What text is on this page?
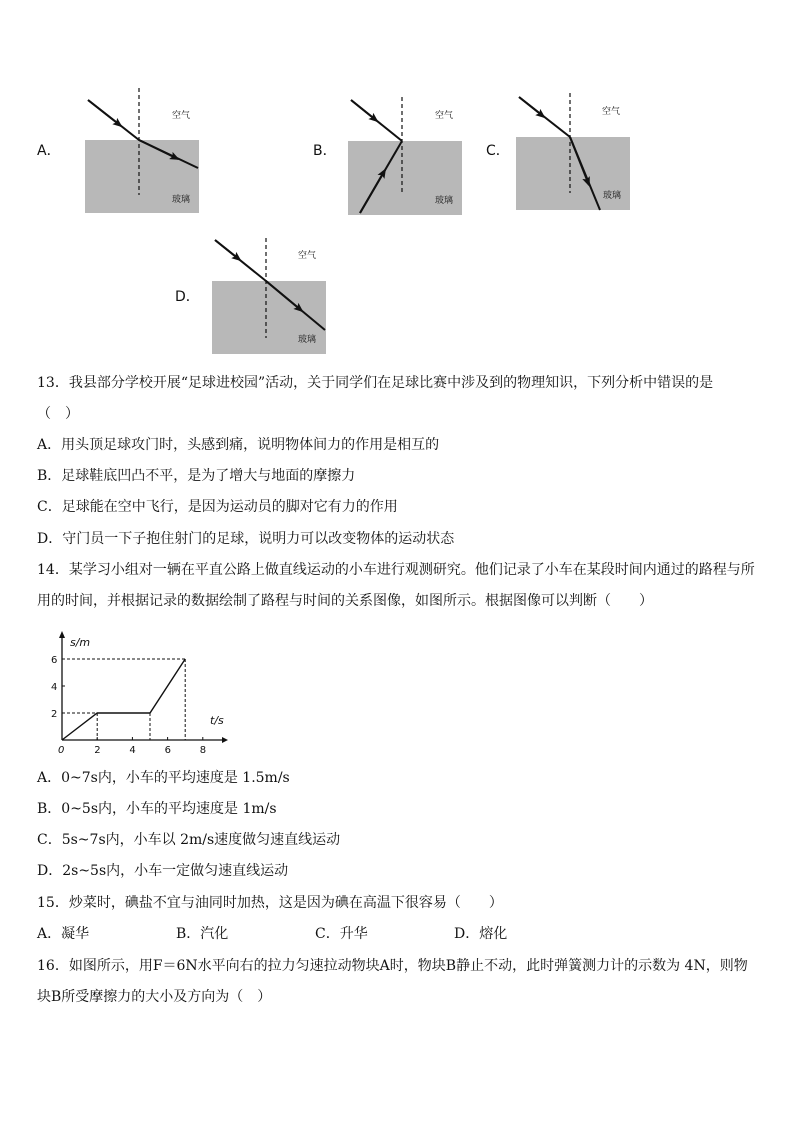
A．
空气
玻璃
B．
空气
玻璃
C．
空气
玻璃
D．
空气
玻璃
13．我县部分学校开展“足球进校园”活动，关于同学们在足球比赛中涉及到的物理知识，下列分析中错误的是
（　）
A．用头顶足球攻门时，头感到痛，说明物体间力的作用是相互的
B．足球鞋底凹凸不平，是为了增大与地面的摩擦力
C．足球能在空中飞行，是因为运动员的脚对它有力的作用
D．守门员一下子抱住射门的足球，说明力可以改变物体的运动状态
14．某学习小组对一辆在平直公路上做直线运动的小车进行观测研究。他们记录了小车在某段时间内通过的路程与所
用的时间，并根据记录的数据绘制了路程与时间的关系图像，如图所示。根据图像可以判断（　　）
0	2	4	6	8
2
4
6
s/m
t/s
A．0~7s内，小车的平均速度是 1.5m/s
B．0~5s内，小车的平均速度是 1m/s
C．5s~7s内，小车以 2m/s速度做匀速直线运动
D．2s~5s内，小车一定做匀速直线运动
15．炒菜时，碘盐不宜与油同时加热，这是因为碘在高温下很容易（　　）
A．凝华	B．汽化	C．升华	D．熔化
16．如图所示，用F＝6N水平向右的拉力匀速拉动物块A时，物块B静止不动，此时弹簧测力计的示数为 4N，则物
块B所受摩擦力的大小及方向为（　）
